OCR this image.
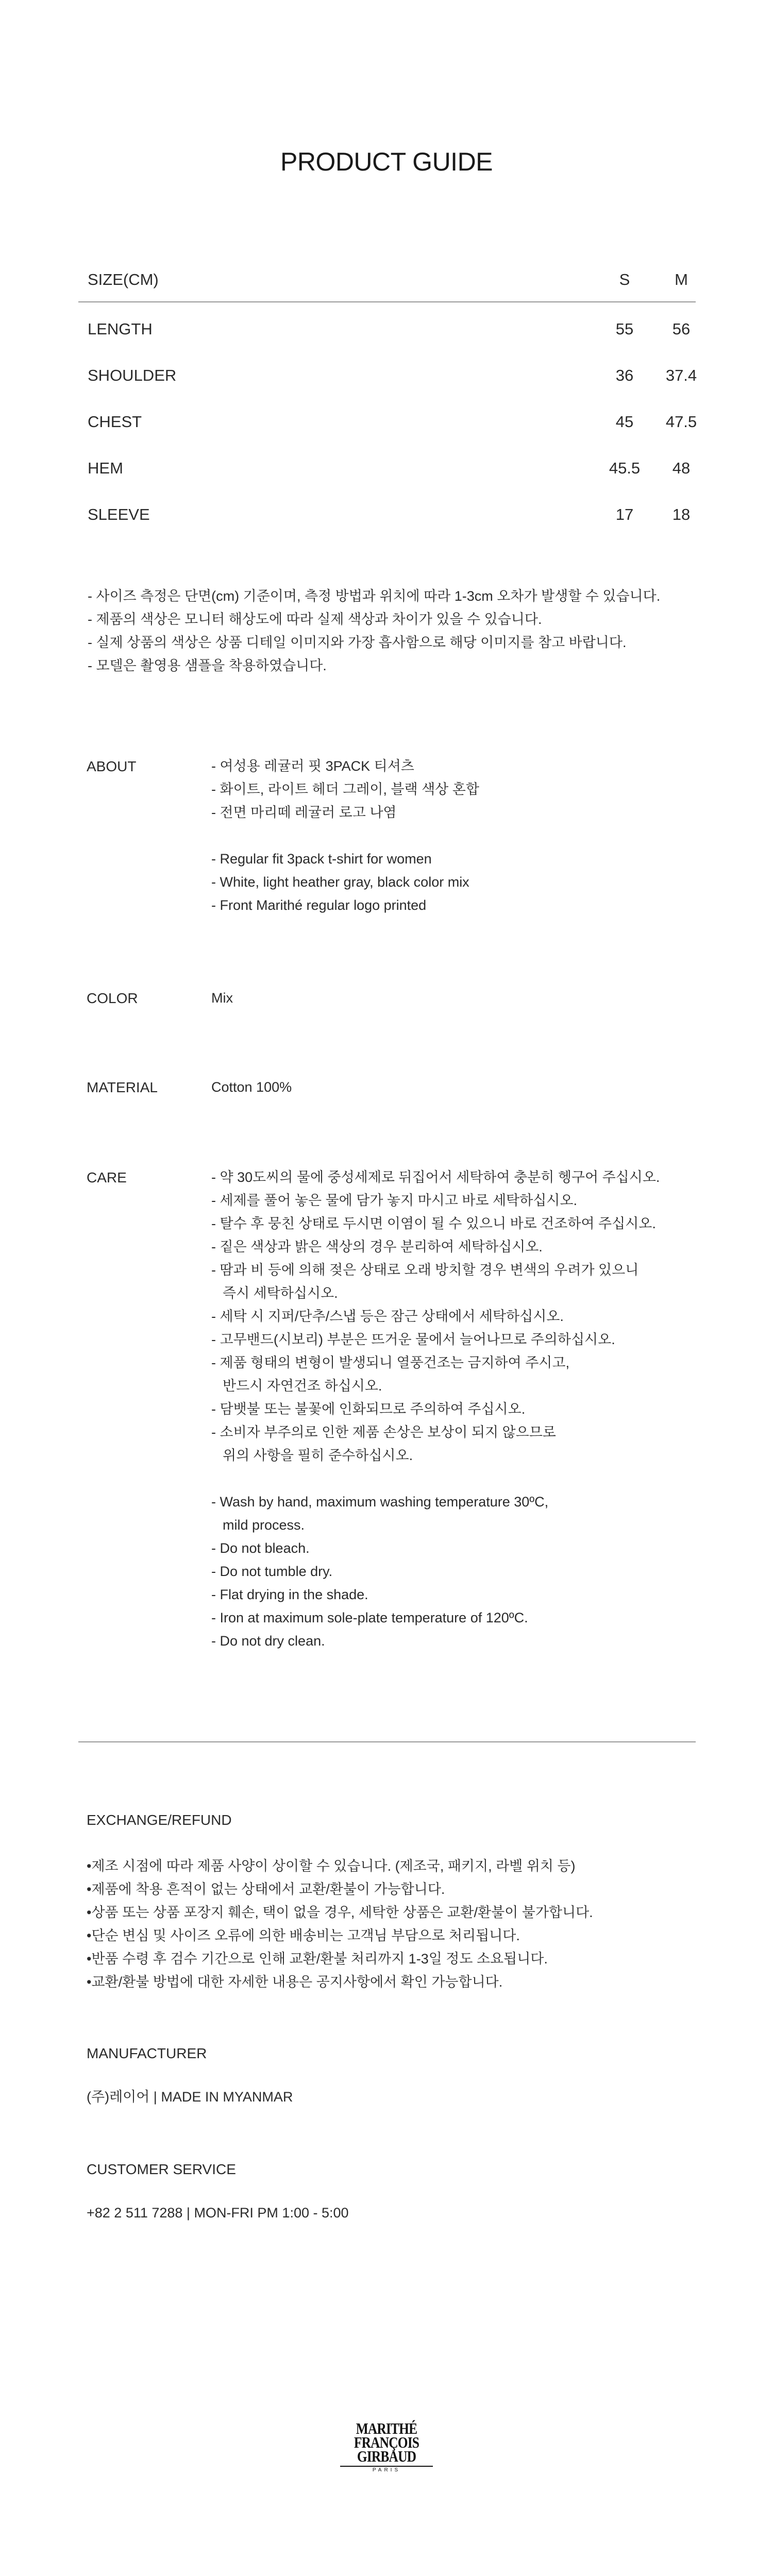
PRODUCT GUIDE
SIZE(CM)	S	M
LENGTH	55	56
SHOULDER	36	37.4
CHEST	45	47.5
HEM	45.5	48
SLEEVE	17	18

- 사이즈 측정은 단면(cm) 기준이며, 측정 방법과 위치에 따라 1-3cm 오차가 발생할 수 있습니다.

- 제품의 색상은 모니터 해상도에 따라 실제 색상과 차이가 있을 수 있습니다.

- 실제 상품의 색상은 상품 디테일 이미지와 가장 흡사함으로 해당 이미지를 참고 바랍니다.

- 모델은 촬영용 샘플을 착용하였습니다.

ABOUT	- 여성용 레귤러 핏 3PACK 티셔츠

- 화이트, 라이트 헤더 그레이, 블랙 색상 혼합

- 전면 마리떼 레귤러 로고 나염

- Regular fit 3pack t-shirt for women

- White, light heather gray, black color mix

- Front Marithé regular logo printed

COLOR	Mix
MATERIAL	Cotton 100%
CARE	- 약 30도씨의 물에 중성세제로 뒤집어서 세탁하여 충분히 헹구어 주십시오.

- 세제를 풀어 놓은 물에 담가 놓지 마시고 바로 세탁하십시오.

- 탈수 후 뭉친 상태로 두시면 이염이 될 수 있으니 바로 건조하여 주십시오.

- 짙은 색상과 밝은 색상의 경우 분리하여 세탁하십시오.

- 땀과 비 등에 의해 젖은 상태로 오래 방치할 경우 변색의 우려가 있으니

즉시 세탁하십시오.

- 세탁 시 지퍼/단추/스냅 등은 잠근 상태에서 세탁하십시오.

- 고무밴드(시보리) 부분은 뜨거운 물에서 늘어나므로 주의하십시오.

- 제품 형태의 변형이 발생되니 열풍건조는 금지하여 주시고,

반드시 자연건조 하십시오.

- 담뱃불 또는 불꽃에 인화되므로 주의하여 주십시오.

- 소비자 부주의로 인한 제품 손상은 보상이 되지 않으므로

위의 사항을 필히 준수하십시오.

- Wash by hand, maximum washing temperature 30ºC,

mild process.

- Do not bleach.

- Do not tumble dry.

- Flat drying in the shade.

- Iron at maximum sole-plate temperature of 120ºC.

- Do not dry clean.

EXCHANGE/REFUND

•제조 시점에 따라 제품 사양이 상이할 수 있습니다. (제조국, 패키지, 라벨 위치 등)

•제품에 착용 흔적이 없는 상태에서 교환/환불이 가능합니다.

•상품 또는 상품 포장지 훼손, 택이 없을 경우, 세탁한 상품은 교환/환불이 불가합니다.

•단순 변심 및 사이즈 오류에 의한 배송비는 고객님 부담으로 처리됩니다.

•반품 수령 후 검수 기간으로 인해 교환/환불 처리까지 1-3일 정도 소요됩니다.

•교환/환불 방법에 대한 자세한 내용은 공지사항에서 확인 가능합니다.

MANUFACTURER
(주)레이어 | MADE IN MYANMAR
CUSTOMER SERVICE
+82 2 511 7288 | MON-FRI PM 1:00 - 5:00
MARITHÉ
FRANÇOIS
GIRBAUD
PARIS
